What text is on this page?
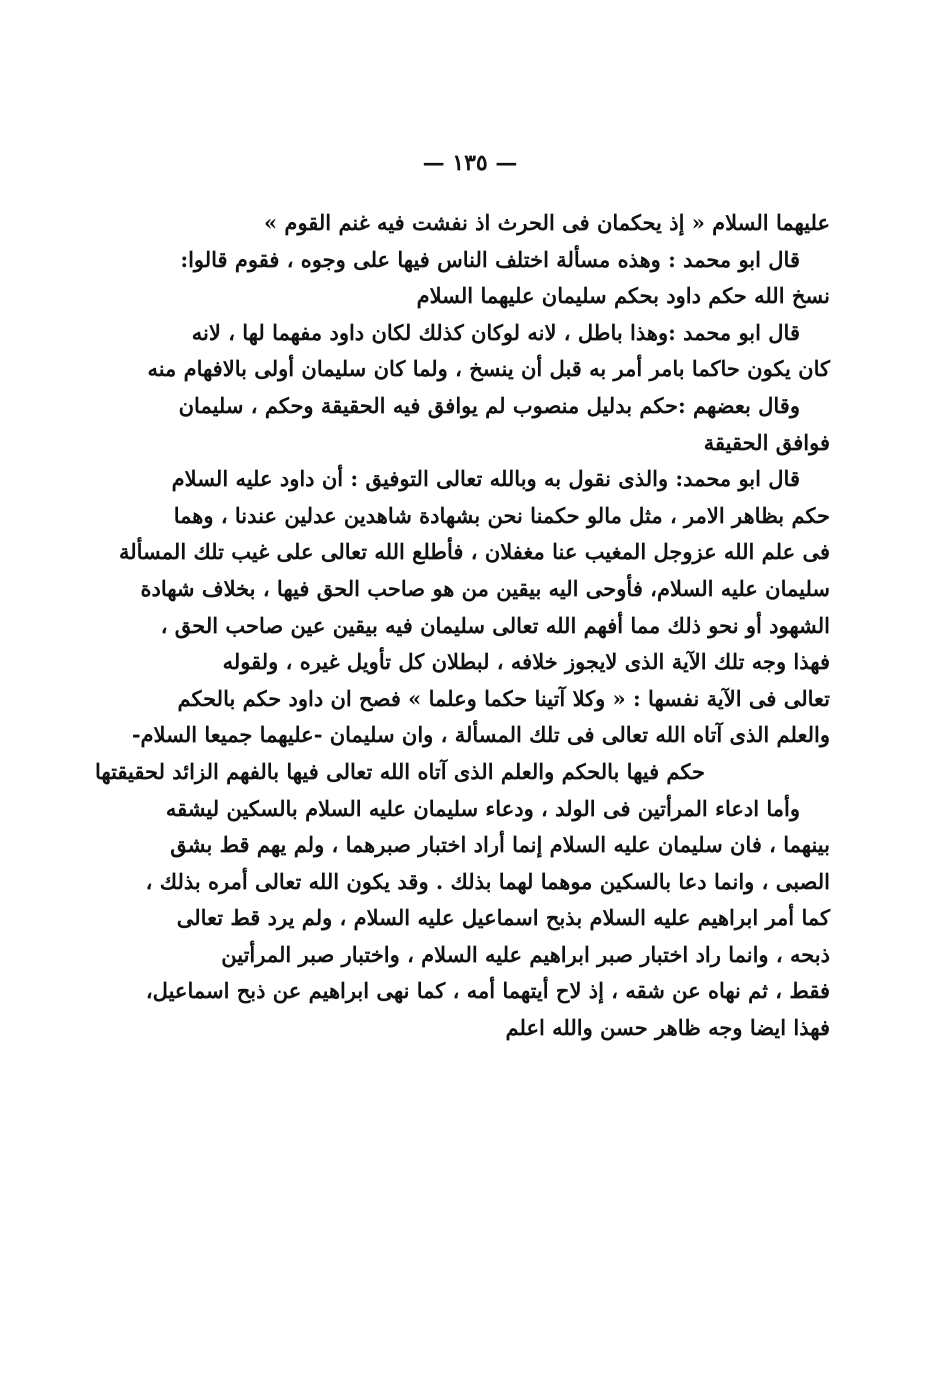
— ١٣٥ —
عليهما السلام « إذ يحكمان فى الحرث اذ نفشت فيه غنم القوم »
قال ابو محمد : وهذه مسألة اختلف الناس فيها على وجوه ، فقوم قالوا:
نسخ الله حكم داود بحكم سليمان عليهما السلام
قال ابو محمد :وهذا باطل ، لانه لوكان كذلك لكان داود مفهما لها ، لانه
كان يكون حاكما بامر أمر به قبل أن ينسخ ، ولما كان سليمان أولى بالافهام منه
وقال بعضهم :حكم بدليل منصوب لم يوافق فيه الحقيقة وحكم ، سليمان
فوافق الحقيقة
قال ابو محمد: والذى نقول به وبالله تعالى التوفيق : أن داود عليه السلام
حكم بظاهر الامر ، مثل مالو حكمنا نحن بشهادة شاهدين عدلين عندنا ، وهما
فى علم الله عزوجل المغيب عنا مغفلان ، فأطلع الله تعالى على غيب تلك المسألة
سليمان عليه السلام، فأوحى اليه بيقين من هو صاحب الحق فيها ، بخلاف شهادة
الشهود أو نحو ذلك مما أفهم الله تعالى سليمان فيه بيقين عين صاحب الحق ،
فهذا وجه تلك الآية الذى لايجوز خلافه ، لبطلان كل تأويل غيره ، ولقوله
تعالى فى الآية نفسها : « وكلا آتينا حكما وعلما » فصح ان داود حكم بالحكم
والعلم الذى آتاه الله تعالى فى تلك المسألة ، وان سليمان -عليهما جميعا السلام-
حكم فيها بالحكم والعلم الذى آتاه الله تعالى فيها بالفهم الزائد لحقيقتها
وأما ادعاء المرأتين فى الولد ، ودعاء سليمان عليه السلام بالسكين ليشقه
بينهما ، فان سليمان عليه السلام إنما أراد اختبار صبرهما ، ولم يهم قط بشق
الصبى ، وانما دعا بالسكين موهما لهما بذلك . وقد يكون الله تعالى أمره بذلك ،
كما أمر ابراهيم عليه السلام بذبح اسماعيل عليه السلام ، ولم يرد قط تعالى
ذبحه ، وانما راد اختبار صبر ابراهيم عليه السلام ، واختبار صبر المرأتين
فقط ، ثم نهاه عن شقه ، إذ لاح أيتهما أمه ، كما نهى ابراهيم عن ذبح اسماعيل،
فهذا ايضا وجه ظاهر حسن والله اعلم
